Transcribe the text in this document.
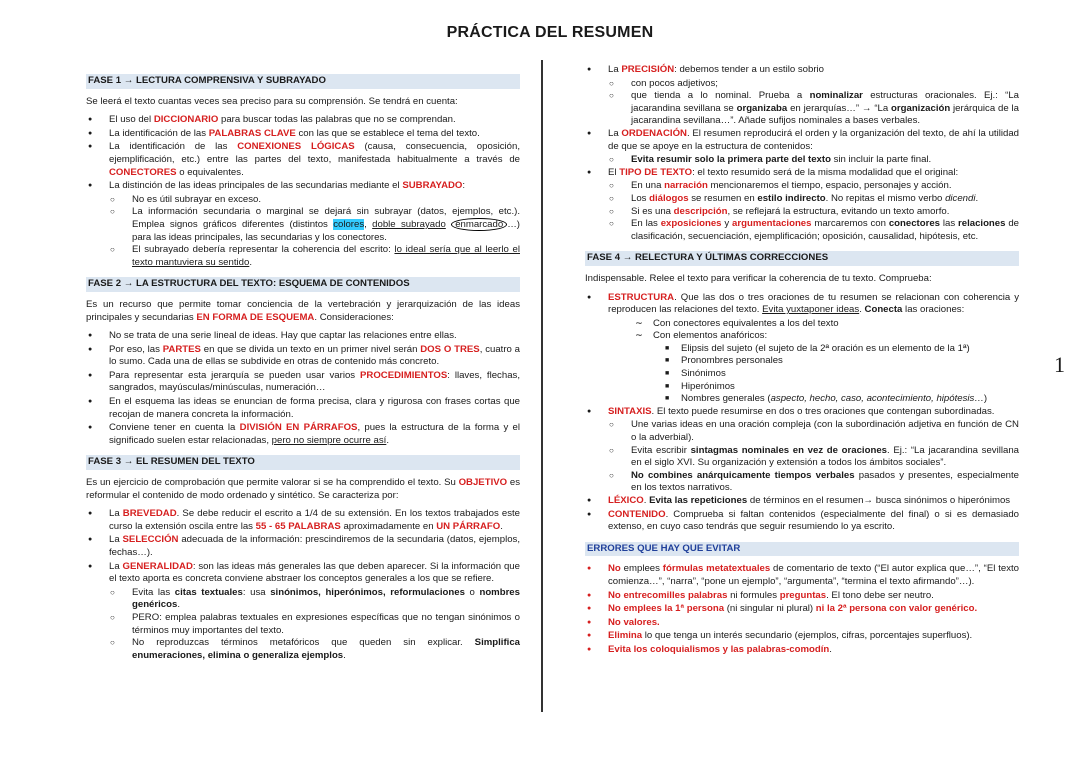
PRÁCTICA DEL RESUMEN
1
FASE 1 → LECTURA COMPRENSIVA Y SUBRAYADO
Se leerá el texto cuantas veces sea preciso para su comprensión. Se tendrá en cuenta:
● El uso del DICCIONARIO para buscar todas las palabras que no se comprendan.
● La identificación de las PALABRAS CLAVE con las que se establece el tema del texto.
● La identificación de las CONEXIONES LÓGICAS (causa, consecuencia, oposición, ejemplificación, etc.) entre las partes del texto, manifestada habitualmente a través de CONECTORES o equivalentes.
● La distinción de las ideas principales de las secundarias mediante el SUBRAYADO:
○ No es útil subrayar en exceso.
○ La información secundaria o marginal se dejará sin subrayar (datos, ejemplos, etc.). Emplea signos gráficos diferentes (distintos colores, doble subrayado enmarcado …) para las ideas principales, las secundarias y los conectores.
○ El subrayado debería representar la coherencia del escrito: lo ideal sería que al leerlo el texto mantuviera su sentido.
FASE 2 → LA ESTRUCTURA DEL TEXTO: ESQUEMA DE CONTENIDOS
Es un recurso que permite tomar conciencia de la vertebración y jerarquización de las ideas principales y secundarias EN FORMA DE ESQUEMA. Consideraciones:
● No se trata de una serie lineal de ideas. Hay que captar las relaciones entre ellas.
● Por eso, las PARTES en que se divida un texto en un primer nivel serán DOS O TRES, cuatro a lo sumo. Cada una de ellas se subdivide en otras de contenido más concreto.
● Para representar esta jerarquía se pueden usar varios PROCEDIMIENTOS: llaves, flechas, sangrados, mayúsculas/minúsculas, numeración…
● En el esquema las ideas se enuncian de forma precisa, clara y rigurosa con frases cortas que recojan de manera concreta la información.
● Conviene tener en cuenta la DIVISIÓN EN PÁRRAFOS, pues la estructura de la forma y el significado suelen estar relacionadas, pero no siempre ocurre así.
FASE 3 → EL RESUMEN DEL TEXTO
Es un ejercicio de comprobación que permite valorar si se ha comprendido el texto. Su OBJETIVO es reformular el contenido de modo ordenado y sintético. Se caracteriza por:
● La BREVEDAD. Se debe reducir el escrito a 1/4 de su extensión. En los textos trabajados este curso la extensión oscila entre las 55 - 65 PALABRAS aproximadamente en UN PÁRRAFO.
● La SELECCIÓN adecuada de la información: prescindiremos de la secundaria (datos, ejemplos, fechas…).
● La GENERALIDAD: son las ideas más generales las que deben aparecer. Si la información que el texto aporta es concreta conviene abstraer los conceptos generales a los que se refiere.
○ Evita las citas textuales: usa sinónimos, hiperónimos, reformulaciones o nombres genéricos.
○ PERO: emplea palabras textuales en expresiones específicas que no tengan sinónimos o términos muy importantes del texto.
○ No reproduzcas términos metafóricos que queden sin explicar. Simplifica enumeraciones, elimina o generaliza ejemplos.
● La PRECISIÓN: debemos tender a un estilo sobrio
○ con pocos adjetivos;
○ que tienda a lo nominal. Prueba a nominalizar estructuras oracionales. Ej.: “La jacarandina sevillana se organizaba en jerarquías…” → “La organización jerárquica de la jacarandina sevillana…”. Añade sufijos nominales a bases verbales.
● La ORDENACIÓN. El resumen reproducirá el orden y la organización del texto, de ahí la utilidad de que se apoye en la estructura de contenidos:
○ Evita resumir solo la primera parte del texto sin incluir la parte final.
● El TIPO DE TEXTO: el texto resumido será de la misma modalidad que el original:
○ En una narración mencionaremos el tiempo, espacio, personajes y acción.
○ Los diálogos se resumen en estilo indirecto. No repitas el mismo verbo dicendi.
○ Si es una descripción, se reflejará la estructura, evitando un texto amorfo.
○ En las exposiciones y argumentaciones marcaremos con conectores las relaciones de clasificación, secuenciación, ejemplificación; oposición, causalidad, hipótesis, etc.
FASE 4 → RELECTURA Y ÚLTIMAS CORRECCIONES
Indispensable. Relee el texto para verificar la coherencia de tu texto. Comprueba:
● ESTRUCTURA. Que las dos o tres oraciones de tu resumen se relacionan con coherencia y reproducen las relaciones del texto. Evita yuxtaponer ideas. Conecta las oraciones:
∼ Con conectores equivalentes a los del texto
∼ Con elementos anafóricos:
■ Elipsis del sujeto (el sujeto de la 2ª oración es un elemento de la 1ª)
■ Pronombres personales
■ Sinónimos
■ Hiperónimos
■ Nombres generales (aspecto, hecho, caso, acontecimiento, hipótesis…)
● SINTAXIS. El texto puede resumirse en dos o tres oraciones que contengan subordinadas.
○ Une varias ideas en una oración compleja (con la subordinación adjetiva en función de CN o la adverbial).
○ Evita escribir sintagmas nominales en vez de oraciones. Ej.: “La jacarandina sevillana en el siglo XVI. Su organización y extensión a todos los ámbitos sociales”.
○ No combines anárquicamente tiempos verbales pasados y presentes, especialmente en los textos narrativos.
● LÉXICO. Evita las repeticiones de términos en el resumen→ busca sinónimos o hiperónimos
● CONTENIDO. Comprueba si faltan contenidos (especialmente del final) o si es demasiado extenso, en cuyo caso tendrás que seguir resumiendo lo ya escrito.
ERRORES QUE HAY QUE EVITAR
● No emplees fórmulas metatextuales de comentario de texto (“El autor explica que…”, “El texto comienza…”, “narra”, “pone un ejemplo”, “argumenta”, “termina el texto afirmando”…).
● No entrecomilles palabras ni formules preguntas. El tono debe ser neutro.
● No emplees la 1ª persona (ni singular ni plural) ni la 2ª persona con valor genérico.
● No valores.
● Elimina lo que tenga un interés secundario (ejemplos, cifras, porcentajes superfluos).
● Evita los coloquialismos y las palabras-comodín.
